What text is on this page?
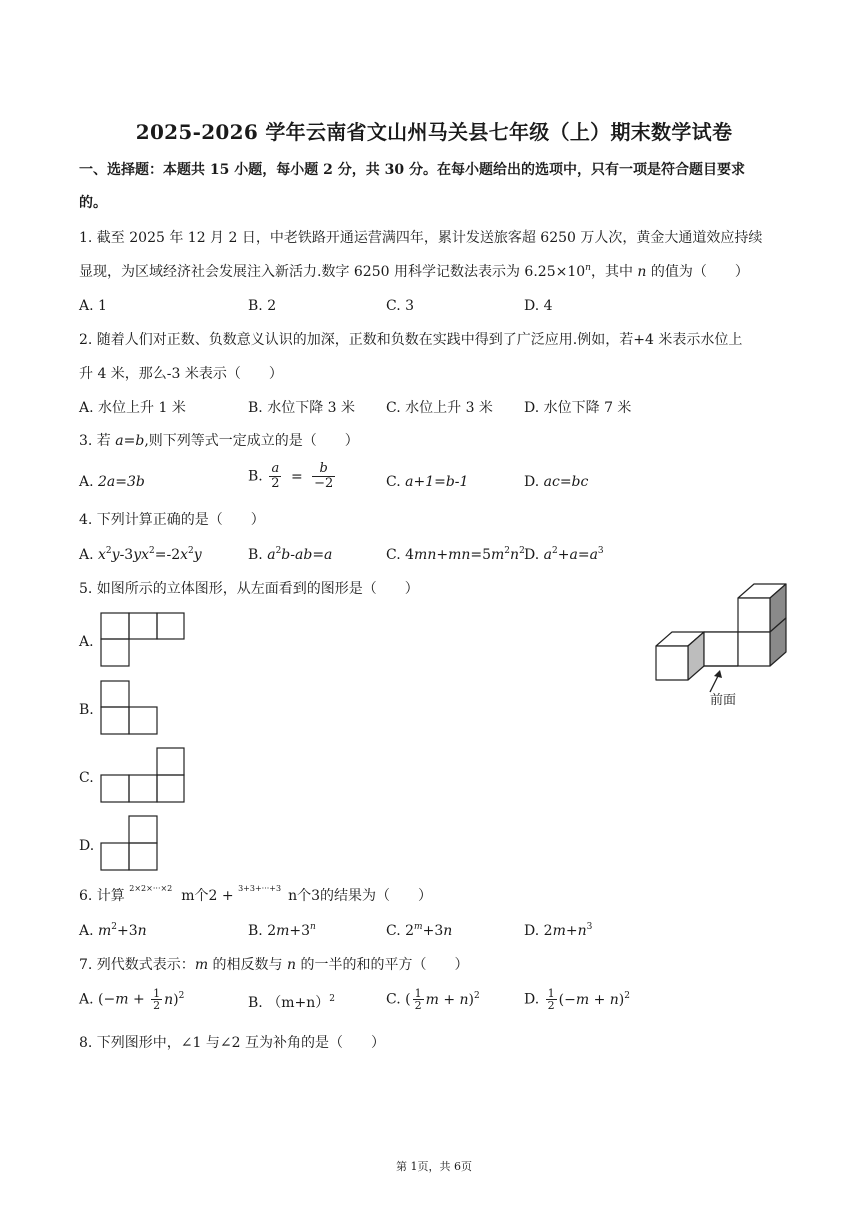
2025-2026 学年云南省文山州马关县七年级（上）期末数学试卷
一、选择题：本题共 15 小题，每小题 2 分，共 30 分。在每小题给出的选项中，只有一项是符合题目要求
的。
1. 截至 2025 年 12 月 2 日，中老铁路开通运营满四年，累计发送旅客超 6250 万人次，黄金大通道效应持续
显现，为区域经济社会发展注入新活力.数字 6250 用科学记数法表示为 $6.25\times 10^n$，其中 n 的值为（　　）
A. 1	B. 2	C. 3	D. 4
2. 随着人们对正数、负数意义认识的加深，正数和负数在实践中得到了广泛应用.例如，若+4 米表示水位上
升 4 米，那么-3 米表示（　　）
A. 水位上升 1 米	B. 水位下降 3 米 C. 水位上升 3 米 D. 水位下降 7 米
3. 若 a=b,则下列等式一定成立的是（　　）
A. 2a=3b	B. $\frac{a}{2} = \frac{b}{-2}$	C. a+1=b-1	D. ac=bc
4. 下列计算正确的是（　　）
A. $x^2y-3yx^2=-2x^2y$	B. $a^2b-ab=a$	C. $4mn+mn=5m^2n^2$ D. $a^2+a=a^3$
5. 如图所示的立体图形，从左面看到的图形是（　　）
A.
B.
C.
D.
前面
6. 计算 2×2×···×2 m个2 + 3+3+···+3 n个3的结果为（　　）
A. $m^2+3n$	B. $2m+3^n$	C. $2^m+3n$	D. $2m+n^3$
7. 列代数式表示：m 的相反数与 n 的一半的和的平方（　　）
A. $(-m + \frac{1}{2} n)^2$	B. $(m+n)^2$	C. ( $\frac{1}{2}$ m + n)$^2$	D. $\frac{1}{2} (-m + n)^2$
8. 下列图形中，∠1 与∠2 互为补角的是（　　）
第 1页，共 6页
